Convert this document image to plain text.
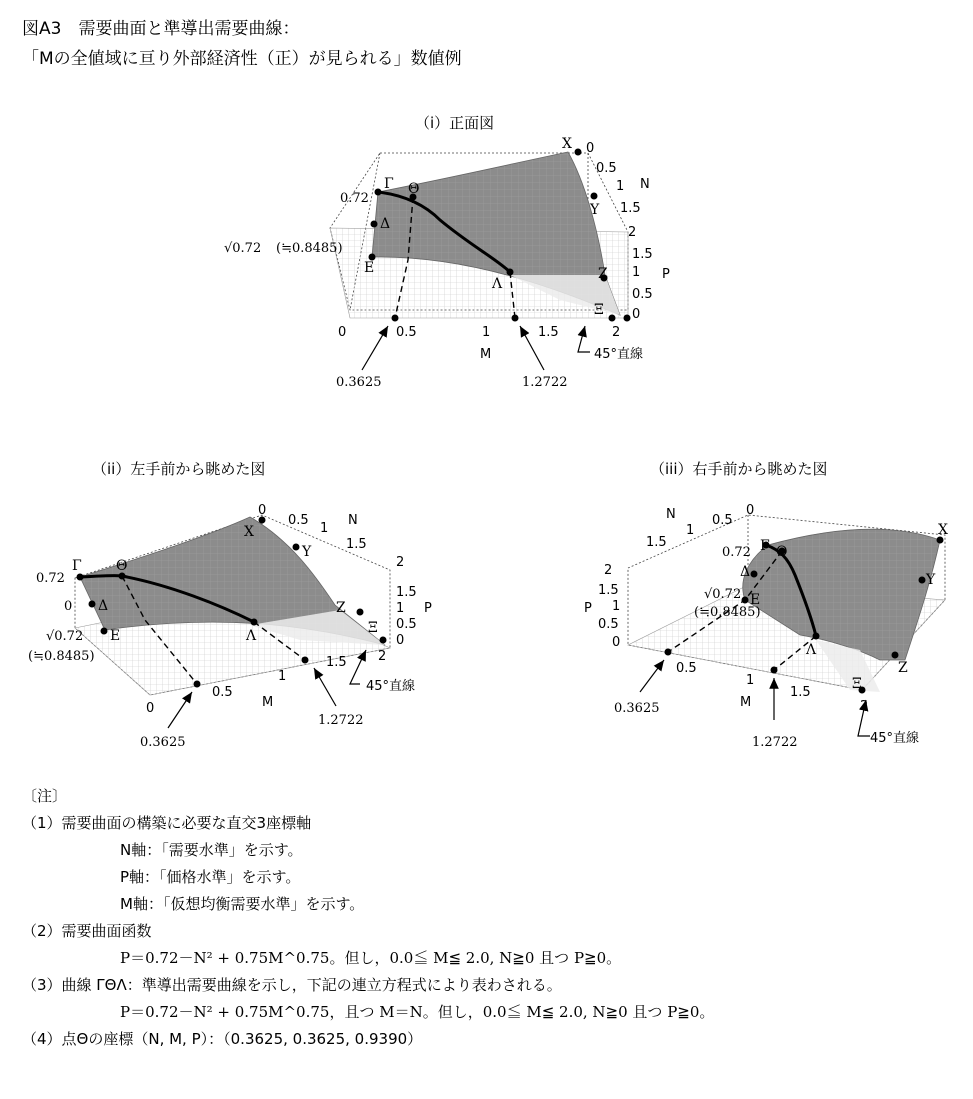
図A3　需要曲面と準導出需要曲線：
「Mの全値域に亘り外部経済性（正）が見られる」数値例
（i）正面図
（ii）左手前から眺めた図	（iii）右手前から眺めた図
Γ Θ
Δ
E
Λ
X
Y
Z
Ξ
0
0.5
1
1.5
2
N
1.5
1
0.5
0
P
0	0.5	1	1.5	2
M
0.72
√0.72 (≒0.8485)
0.3625	1.2722
45°直線
Γ Θ
Δ
E	Λ
X
Y
Z
Ξ
0
0.5
1
1.5
2
N
1.5
1
0.5
0
P
0
0.5
1
1.5 2
M
0.72
0
√0.72
(≒0.8485)
0.3625
1.2722
45°直線
Γ Θ
Δ
E
Λ
X
Y
Z
Ξ
0
0.5
1
1.5
N
2
1.5
1
0.5
0
P
0.5
1
1.5
2
M
0.72
√0.72
(≒0.8485)
0.3625
1.2722	45°直線
〔注〕
（1）需要曲面の構築に必要な直交3座標軸
N軸：「需要水準」を示す。
P軸：「価格水準」を示す。
M軸：「仮想均衡需要水準」を示す。
（2）需要曲面函数
P＝0.72－N² + 0.75M^0.75。但し，0.0≦ M≦ 2.0, N≧0 且つ P≧0。
（3）曲線 ΓΘΛ：準導出需要曲線を示し，下記の連立方程式により表わされる。
P＝0.72－N² + 0.75M^0.75，且つ M＝N。但し，0.0≦ M≦ 2.0, N≧0 且つ P≧0。
（4）点Θの座標（N, M, P）：（0.3625, 0.3625, 0.9390）
